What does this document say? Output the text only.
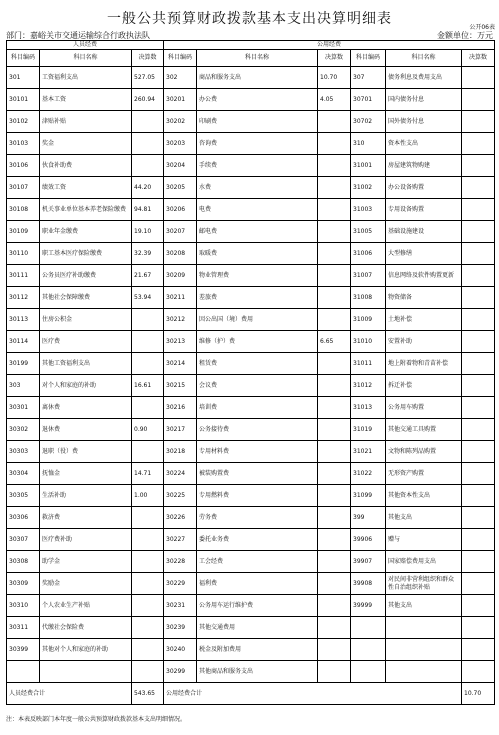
一般公共预算财政拨款基本支出决算明细表
公开06表
部门：嘉峪关市交通运输综合行政执法队	金额单位：万元
人员经费			公用经费					
科目编码	科目名称	决算数	科目编码	科目名称	决算数	科目编码	科目名称	决算数
301	工资福利支出	527.05	302	商品和服务支出	10.70	307	债务利息及费用支出	
30101	基本工资	260.94	30201	办公费	4.05	30701	国内债务付息	
30102	津贴补贴		30202	印刷费		30702	国外债务付息	
30103	奖金		30203	咨询费		310	资本性支出	
30106	伙食补助费		30204	手续费		31001	房屋建筑物购建	
30107	绩效工资	44.20	30205	水费		31002	办公设备购置	
30108	机关事业单位基本养老保险缴费	94.81	30206	电费		31003	专用设备购置	
30109	职业年金缴费	19.10	30207	邮电费		31005	基础设施建设	
30110	职工基本医疗保险缴费	32.39	30208	取暖费		31006	大型修缮	
30111	公务员医疗补助缴费	21.67	30209	物业管理费		31007	信息网络及软件购置更新	
30112	其他社会保障缴费	53.94	30211	差旅费		31008	物资储备	
30113	住房公积金		30212	因公出国（境）费用		31009	土地补偿	
30114	医疗费		30213	维修（护）费	6.65	31010	安置补助	
30199	其他工资福利支出		30214	租赁费		31011	地上附着物和青苗补偿	
303	对个人和家庭的补助	16.61	30215	会议费		31012	拆迁补偿	
30301	离休费		30216	培训费		31013	公务用车购置	
30302	退休费	0.90	30217	公务接待费		31019	其他交通工具购置	
30303	退职（役）费		30218	专用材料费		31021	文物和陈列品购置	
30304	抚恤金	14.71	30224	被装购置费		31022	无形资产购置	
30305	生活补助	1.00	30225	专用燃料费		31099	其他资本性支出	
30306	救济费		30226	劳务费		399	其他支出	
30307	医疗费补助		30227	委托业务费		39906	赠与	
30308	助学金		30228	工会经费		39907	国家赔偿费用支出	
30309	奖励金		30229	福利费		39908	对民间非营利组织和群众性自治组织补贴	
30310	个人农业生产补贴		30231	公务用车运行维护费		39999	其他支出	
30311	代缴社会保险费		30239	其他交通费用				
30399	其他对个人和家庭的补助		30240	税金及附加费用				
			30299	其他商品和服务支出				
人员经费合计		543.65	公用经费合计					10.70
注：本表反映部门本年度一般公共预算财政拨款基本支出明细情况。
